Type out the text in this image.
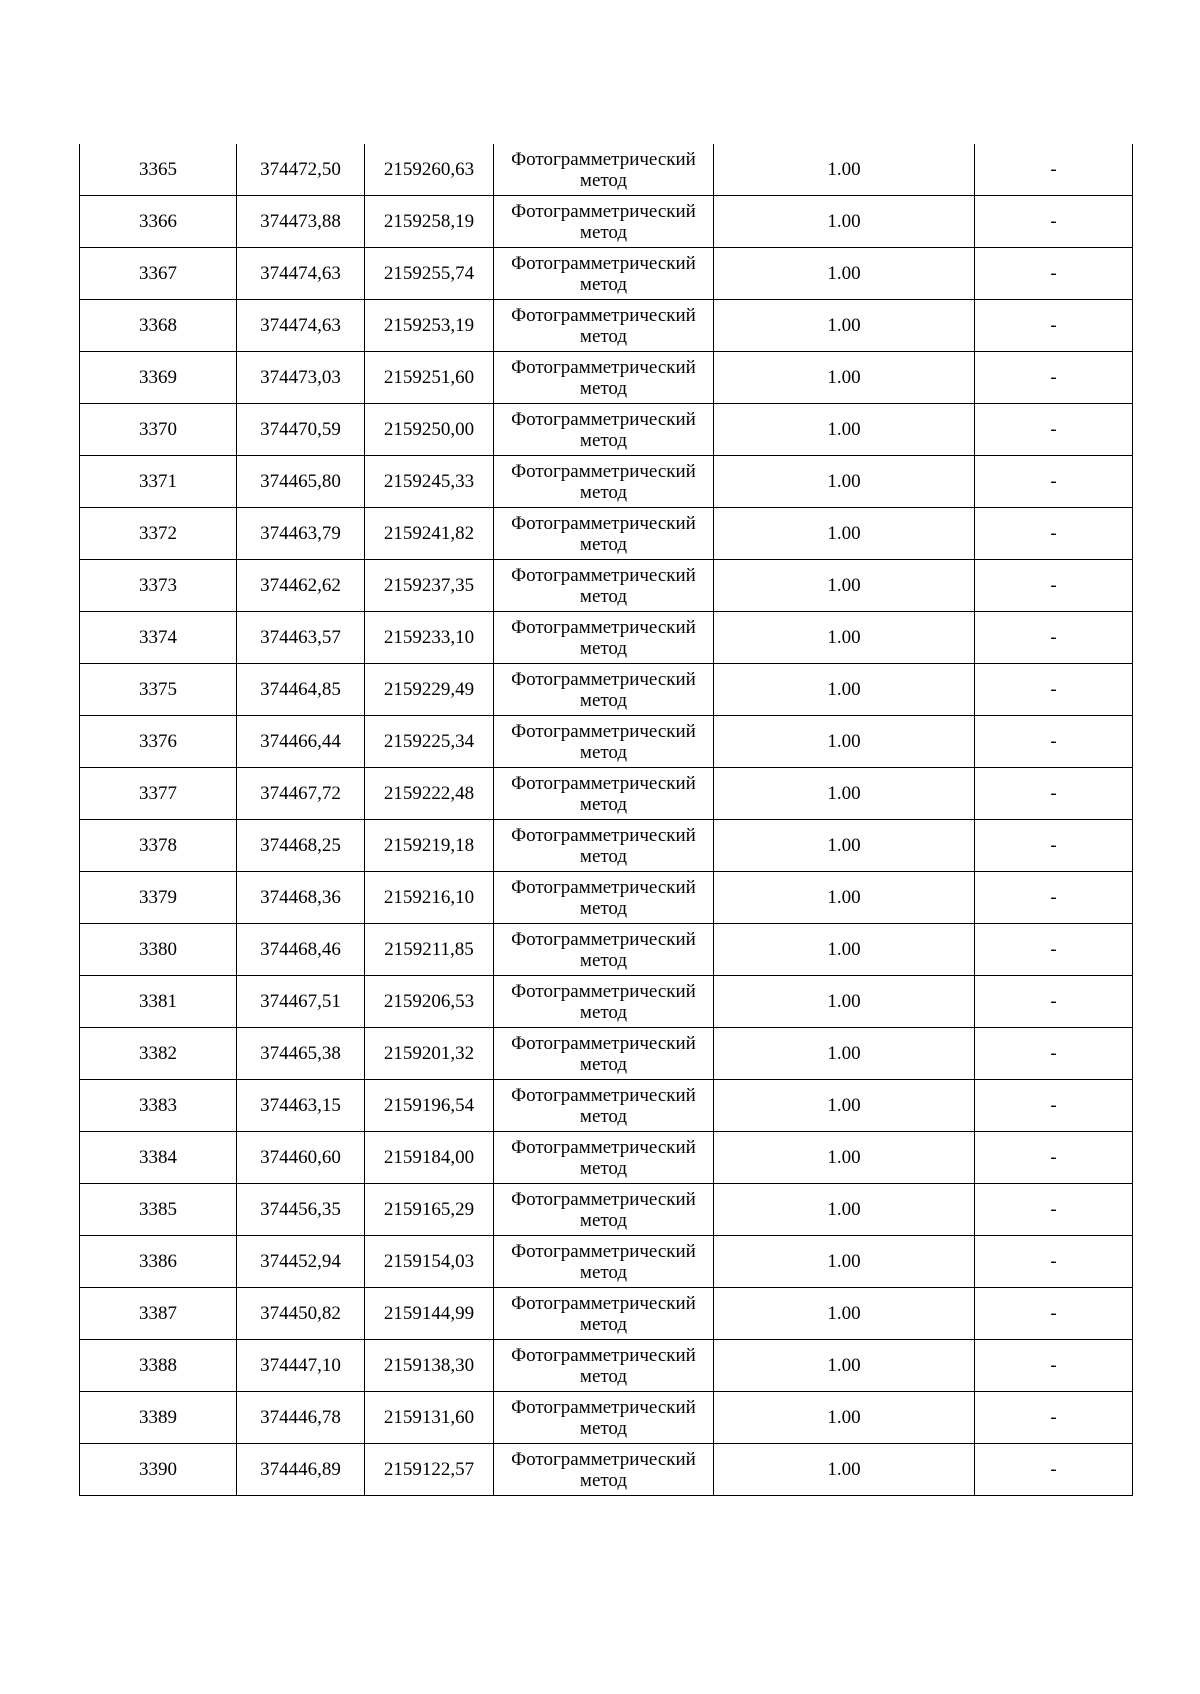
3365	374472,50	2159260,63	Фотограмметрический
метод	1.00	-
3366	374473,88	2159258,19	Фотограмметрический
метод	1.00	-
3367	374474,63	2159255,74	Фотограмметрический
метод	1.00	-
3368	374474,63	2159253,19	Фотограмметрический
метод	1.00	-
3369	374473,03	2159251,60	Фотограмметрический
метод	1.00	-
3370	374470,59	2159250,00	Фотограмметрический
метод	1.00	-
3371	374465,80	2159245,33	Фотограмметрический
метод	1.00	-
3372	374463,79	2159241,82	Фотограмметрический
метод	1.00	-
3373	374462,62	2159237,35	Фотограмметрический
метод	1.00	-
3374	374463,57	2159233,10	Фотограмметрический
метод	1.00	-
3375	374464,85	2159229,49	Фотограмметрический
метод	1.00	-
3376	374466,44	2159225,34	Фотограмметрический
метод	1.00	-
3377	374467,72	2159222,48	Фотограмметрический
метод	1.00	-
3378	374468,25	2159219,18	Фотограмметрический
метод	1.00	-
3379	374468,36	2159216,10	Фотограмметрический
метод	1.00	-
3380	374468,46	2159211,85	Фотограмметрический
метод	1.00	-
3381	374467,51	2159206,53	Фотограмметрический
метод	1.00	-
3382	374465,38	2159201,32	Фотограмметрический
метод	1.00	-
3383	374463,15	2159196,54	Фотограмметрический
метод	1.00	-
3384	374460,60	2159184,00	Фотограмметрический
метод	1.00	-
3385	374456,35	2159165,29	Фотограмметрический
метод	1.00	-
3386	374452,94	2159154,03	Фотограмметрический
метод	1.00	-
3387	374450,82	2159144,99	Фотограмметрический
метод	1.00	-
3388	374447,10	2159138,30	Фотограмметрический
метод	1.00	-
3389	374446,78	2159131,60	Фотограмметрический
метод	1.00	-
3390	374446,89	2159122,57	Фотограмметрический
метод	1.00	-
